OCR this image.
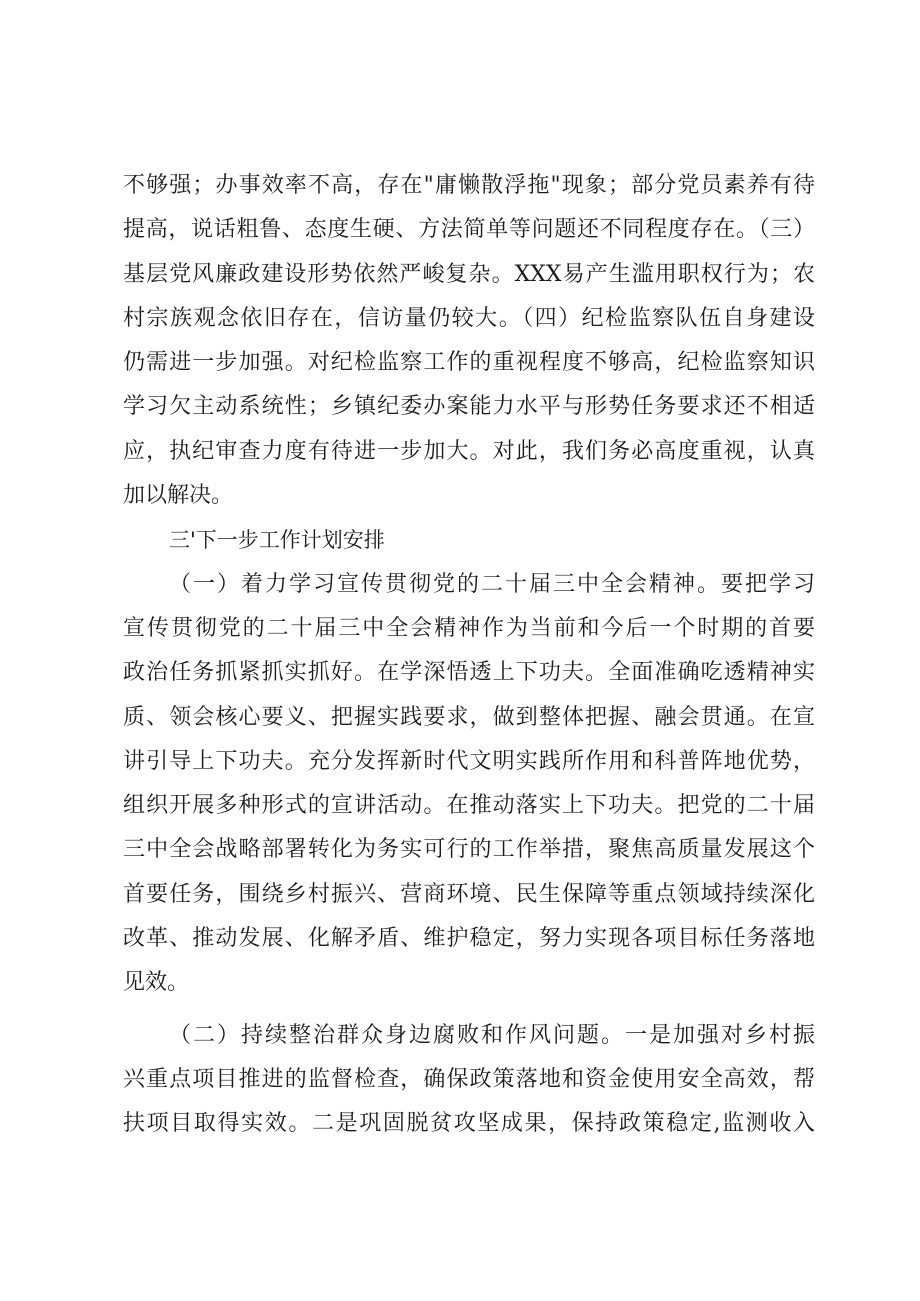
不够强；办事效率不高，存在"庸懒散浮拖"现象；部分党员素养有待
提高，说话粗鲁、态度生硬、方法简单等问题还不同程度存在。（三）
基层党风廉政建设形势依然严峻复杂。XXX易产生滥用职权行为；农
村宗族观念依旧存在，信访量仍较大。（四）纪检监察队伍自身建设
仍需进一步加强。对纪检监察工作的重视程度不够高，纪检监察知识
学习欠主动系统性；乡镇纪委办案能力水平与形势任务要求还不相适
应，执纪审查力度有待进一步加大。对此，我们务必高度重视，认真
加以解决。
三'下一步工作计划安排
（一）着力学习宣传贯彻党的二十届三中全会精神。要把学习
宣传贯彻党的二十届三中全会精神作为当前和今后一个时期的首要
政治任务抓紧抓实抓好。在学深悟透上下功夫。全面准确吃透精神实
质、领会核心要义、把握实践要求，做到整体把握、融会贯通。在宣
讲引导上下功夫。充分发挥新时代文明实践所作用和科普阵地优势，
组织开展多种形式的宣讲活动。在推动落实上下功夫。把党的二十届
三中全会战略部署转化为务实可行的工作举措，聚焦高质量发展这个
首要任务，围绕乡村振兴、营商环境、民生保障等重点领域持续深化
改革、推动发展、化解矛盾、维护稳定，努力实现各项目标任务落地
见效。
（二）持续整治群众身边腐败和作风问题。一是加强对乡村振
兴重点项目推进的监督检查，确保政策落地和资金使用安全高效，帮
扶项目取得实效。二是巩固脱贫攻坚成果，保持政策稳定,监测收入
